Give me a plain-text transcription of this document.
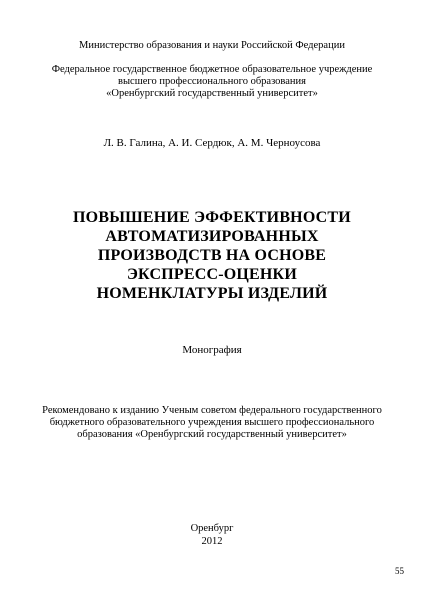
Министерство образования и науки Российской Федерации
Федеральное государственное бюджетное образовательное учреждение
высшего профессионального образования
«Оренбургский государственный университет»
Л. В. Галина, А. И. Сердюк, А. М. Черноусова
ПОВЫШЕНИЕ ЭФФЕКТИВНОСТИ
АВТОМАТИЗИРОВАННЫХ
ПРОИЗВОДСТВ НА ОСНОВЕ
ЭКСПРЕСС-ОЦЕНКИ
НОМЕНКЛАТУРЫ ИЗДЕЛИЙ
Монография
Рекомендовано к изданию Ученым советом федерального государственного
бюджетного образовательного учреждения высшего профессионального
образования «Оренбургский государственный университет»
Оренбург
2012
55
